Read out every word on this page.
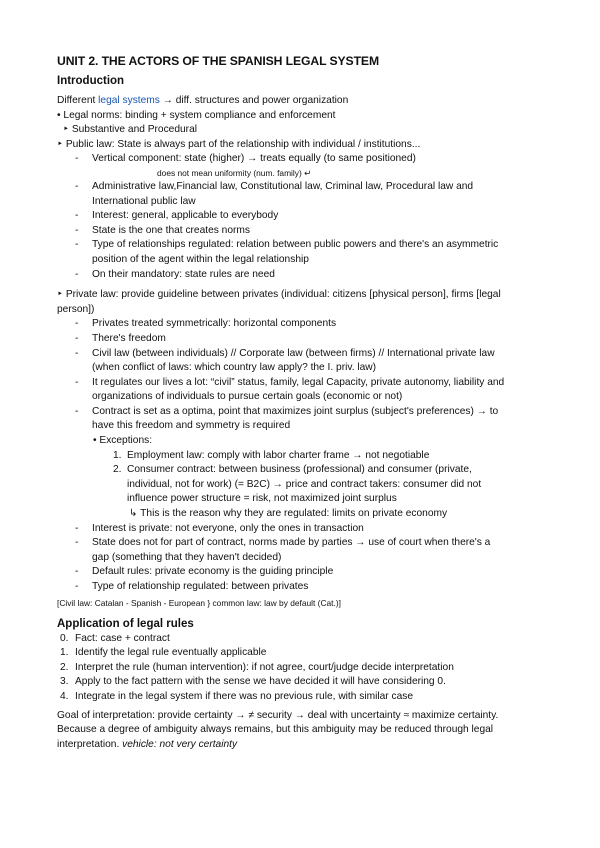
UNIT 2. THE ACTORS OF THE SPANISH LEGAL SYSTEM
Introduction
Different legal systems → diff. structures and power organization
• Legal norms: binding + system compliance and enforcement
‣ Substantive and Procedural
‣ Public law: State is always part of the relationship with individual / institutions...
- Vertical component: state (higher) → treats equally (to same positioned)
does not mean uniformity (num. family) ↵
- Administrative law,Financial law, Constitutional law, Criminal law, Procedural law and
International public law
- Interest: general, applicable to everybody
- State is the one that creates norms
- Type of relationships regulated: relation between public powers and there's an asymmetric
position of the agent within the legal relationship
- On their mandatory: state rules are need
‣ Private law: provide guideline between privates (individual: citizens [physical person], firms [legal
person])
- Privates treated symmetrically: horizontal components
- There's freedom
- Civil law (between individuals) // Corporate law (between firms) // International private law
(when conflict of laws: which country law apply? the I. priv. law)
- It regulates our lives a lot: “civil” status, family, legal Capacity, private autonomy, liability and
organizations of individuals to pursue certain goals (economic or not)
- Contract is set as a optima, point that maximizes joint surplus (subject's preferences) → to
have this freedom and symmetry is required
• Exceptions:
1. Employment law: comply with labor charter frame → not negotiable
2. Consumer contract: between business (professional) and consumer (private,
individual, not for work) (= B2C) → price and contract takers: consumer did not
influence power structure = risk, not maximized joint surplus
↳ This is the reason why they are regulated: limits on private economy
- Interest is private: not everyone, only the ones in transaction
- State does not for part of contract, norms made by parties → use of court when there's a
gap (something that they haven't decided)
- Default rules: private economy is the guiding principle
- Type of relationship regulated: between privates
[Civil law: Catalan - Spanish - European } common law: law by default (Cat.)]
Application of legal rules
0. Fact: case + contract
1. Identify the legal rule eventually applicable
2. Interpret the rule (human intervention): if not agree, court/judge decide interpretation
3. Apply to the fact pattern with the sense we have decided it will have considering 0.
4. Integrate in the legal system if there was no previous rule, with similar case
Goal of interpretation: provide certainty → ≠ security → deal with uncertainty ≈ maximize certainty.
Because a degree of ambiguity always remains, but this ambiguity may be reduced through legal
interpretation. vehicle: not very certainty
